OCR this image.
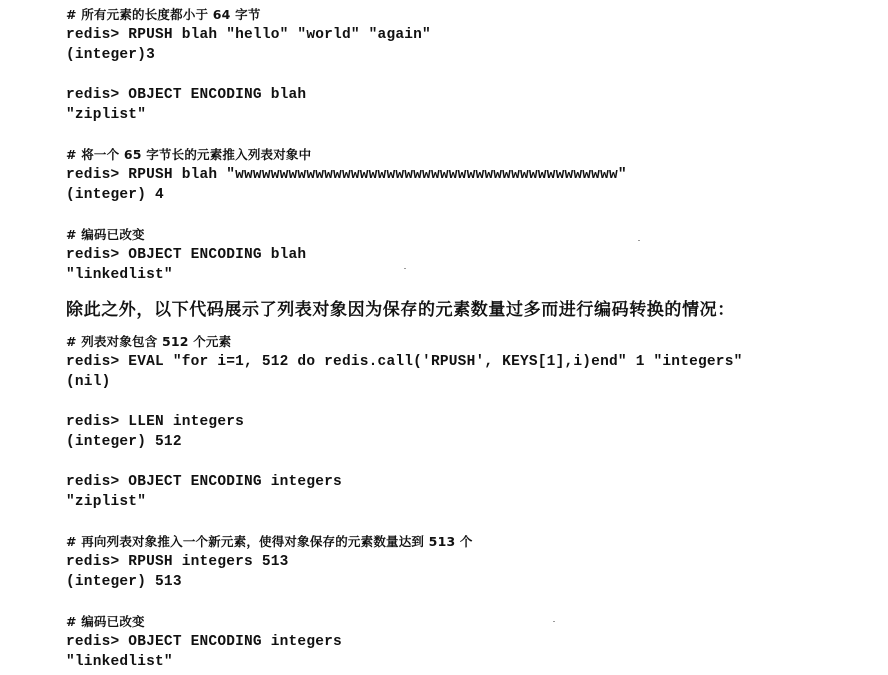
# 所有元素的长度都小于 64 字节
redis> RPUSH blah "hello" "world" "again"
(integer)3
redis> OBJECT ENCODING blah
"ziplist"
# 将一个 65 字节长的元素推入列表对象中
redis> RPUSH blah "wwwwwwwwwwwwwwwwwwwwwwwwwwwwwwwwwwwwwwwwwww"
(integer) 4
# 编码已改变
redis> OBJECT ENCODING blah
"linkedlist"
除此之外，以下代码展示了列表对象因为保存的元素数量过多而进行编码转换的情况：
# 列表对象包含 512 个元素
redis> EVAL "for i=1, 512 do redis.call('RPUSH', KEYS[1],i)end" 1 "integers"
(nil)
redis> LLEN integers
(integer) 512
redis> OBJECT ENCODING integers
"ziplist"
# 再向列表对象推入一个新元素，使得对象保存的元素数量达到 513 个
redis> RPUSH integers 513
(integer) 513
# 编码已改变
redis> OBJECT ENCODING integers
"linkedlist"
